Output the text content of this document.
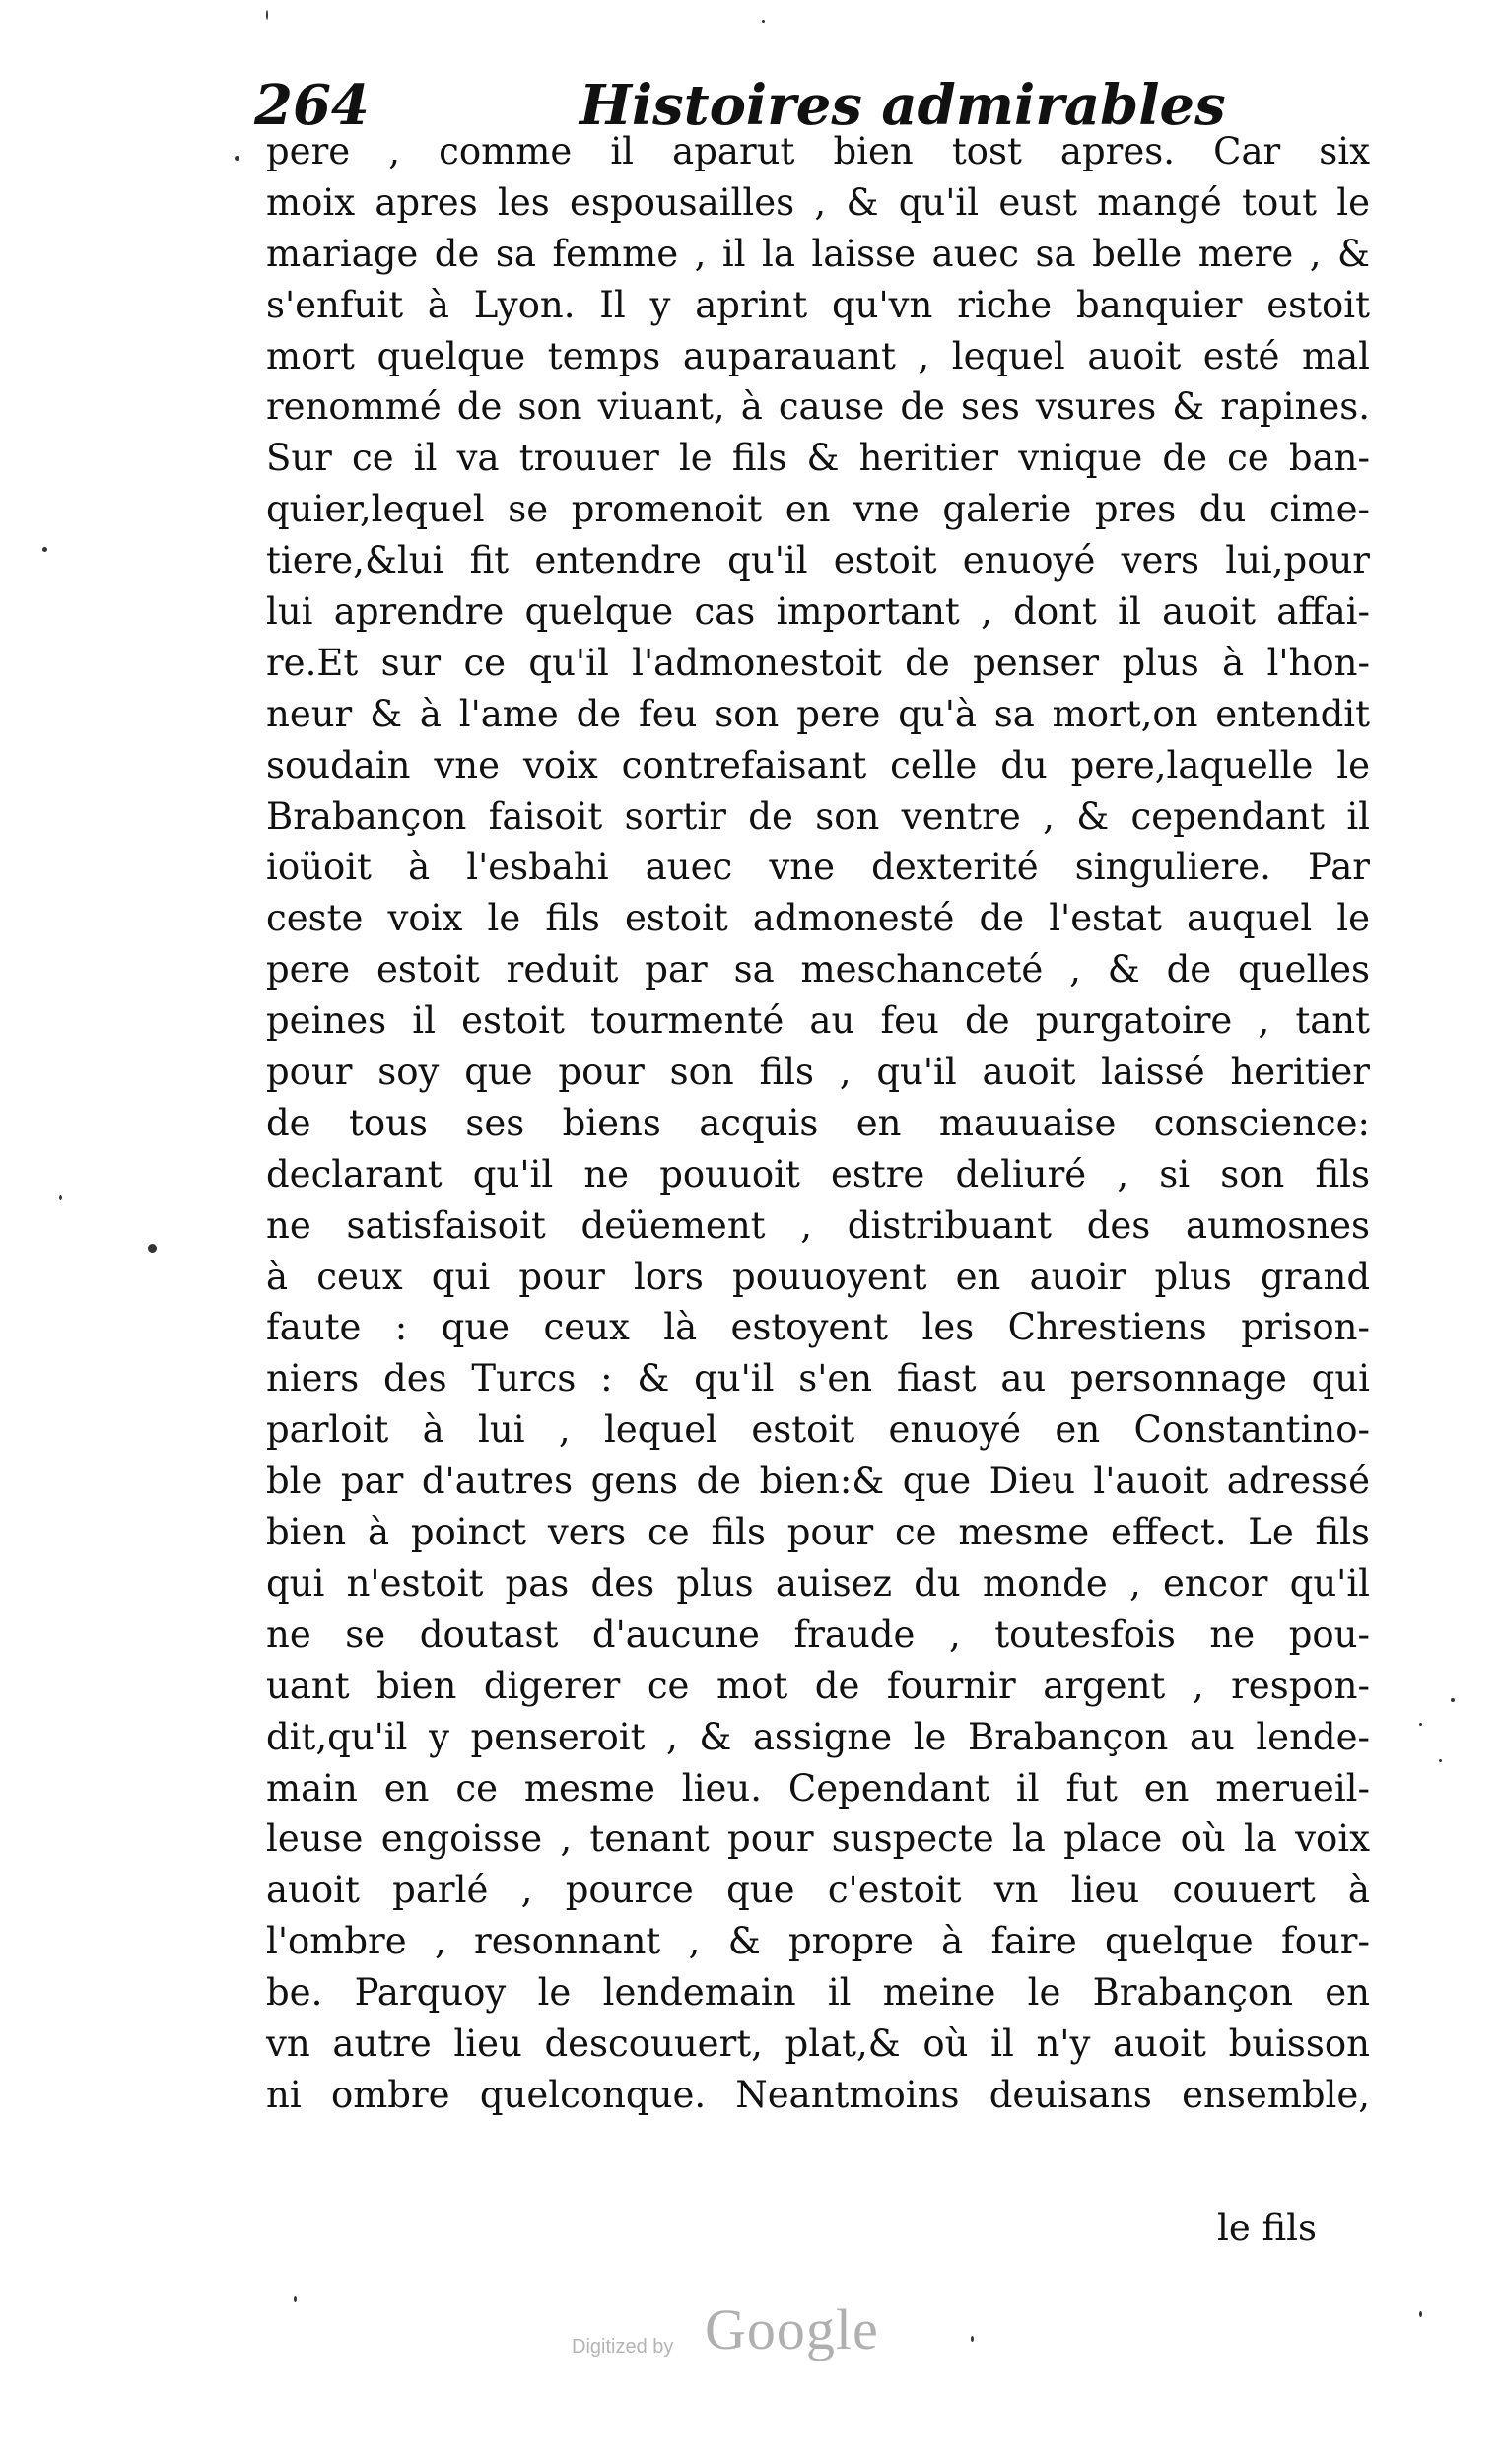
264	Histoires admirables
pere , comme il aparut bien tost apres. Car six
moix apres les espousailles , & qu'il eust mangé tout le
mariage de sa femme , il la laisse auec sa belle mere , &
s'enfuit à Lyon. Il y aprint qu'vn riche banquier estoit
mort quelque temps auparauant , lequel auoit esté mal
renommé de son viuant, à cause de ses vsures & rapines.
Sur ce il va trouuer le fils & heritier vnique de ce ban-
quier,lequel se promenoit en vne galerie pres du cime-
tiere,&lui fit entendre qu'il estoit enuoyé vers lui,pour
lui aprendre quelque cas important , dont il auoit affai-
re.Et sur ce qu'il l'admonestoit de penser plus à l'hon-
neur & à l'ame de feu son pere qu'à sa mort,on entendit
soudain vne voix contrefaisant celle du pere,laquelle le
Brabançon faisoit sortir de son ventre , & cependant il
ioüoit à l'esbahi auec vne dexterité singuliere. Par
ceste voix le fils estoit admonesté de l'estat auquel le
pere estoit reduit par sa meschanceté , & de quelles
peines il estoit tourmenté au feu de purgatoire , tant
pour soy que pour son fils , qu'il auoit laissé heritier
de tous ses biens acquis en mauuaise conscience:
declarant qu'il ne pouuoit estre deliuré , si son fils
ne satisfaisoit deüement , distribuant des aumosnes
à ceux qui pour lors pouuoyent en auoir plus grand
faute : que ceux là estoyent les Chrestiens prison-
niers des Turcs : & qu'il s'en fiast au personnage qui
parloit à lui , lequel estoit enuoyé en Constantino-
ble par d'autres gens de bien:& que Dieu l'auoit adressé
bien à poinct vers ce fils pour ce mesme effect. Le fils
qui n'estoit pas des plus auisez du monde , encor qu'il
ne se doutast d'aucune fraude , toutesfois ne pou-
uant bien digerer ce mot de fournir argent , respon-
dit,qu'il y penseroit , & assigne le Brabançon au lende-
main en ce mesme lieu. Cependant il fut en merueil-
leuse engoisse , tenant pour suspecte la place où la voix
auoit parlé , pource que c'estoit vn lieu couuert à
l'ombre , resonnant , & propre à faire quelque four-
be. Parquoy le lendemain il meine le Brabançon en
vn autre lieu descouuert, plat,& où il n'y auoit buisson
ni ombre quelconque. Neantmoins deuisans ensemble,
le fils
Digitized by Google
